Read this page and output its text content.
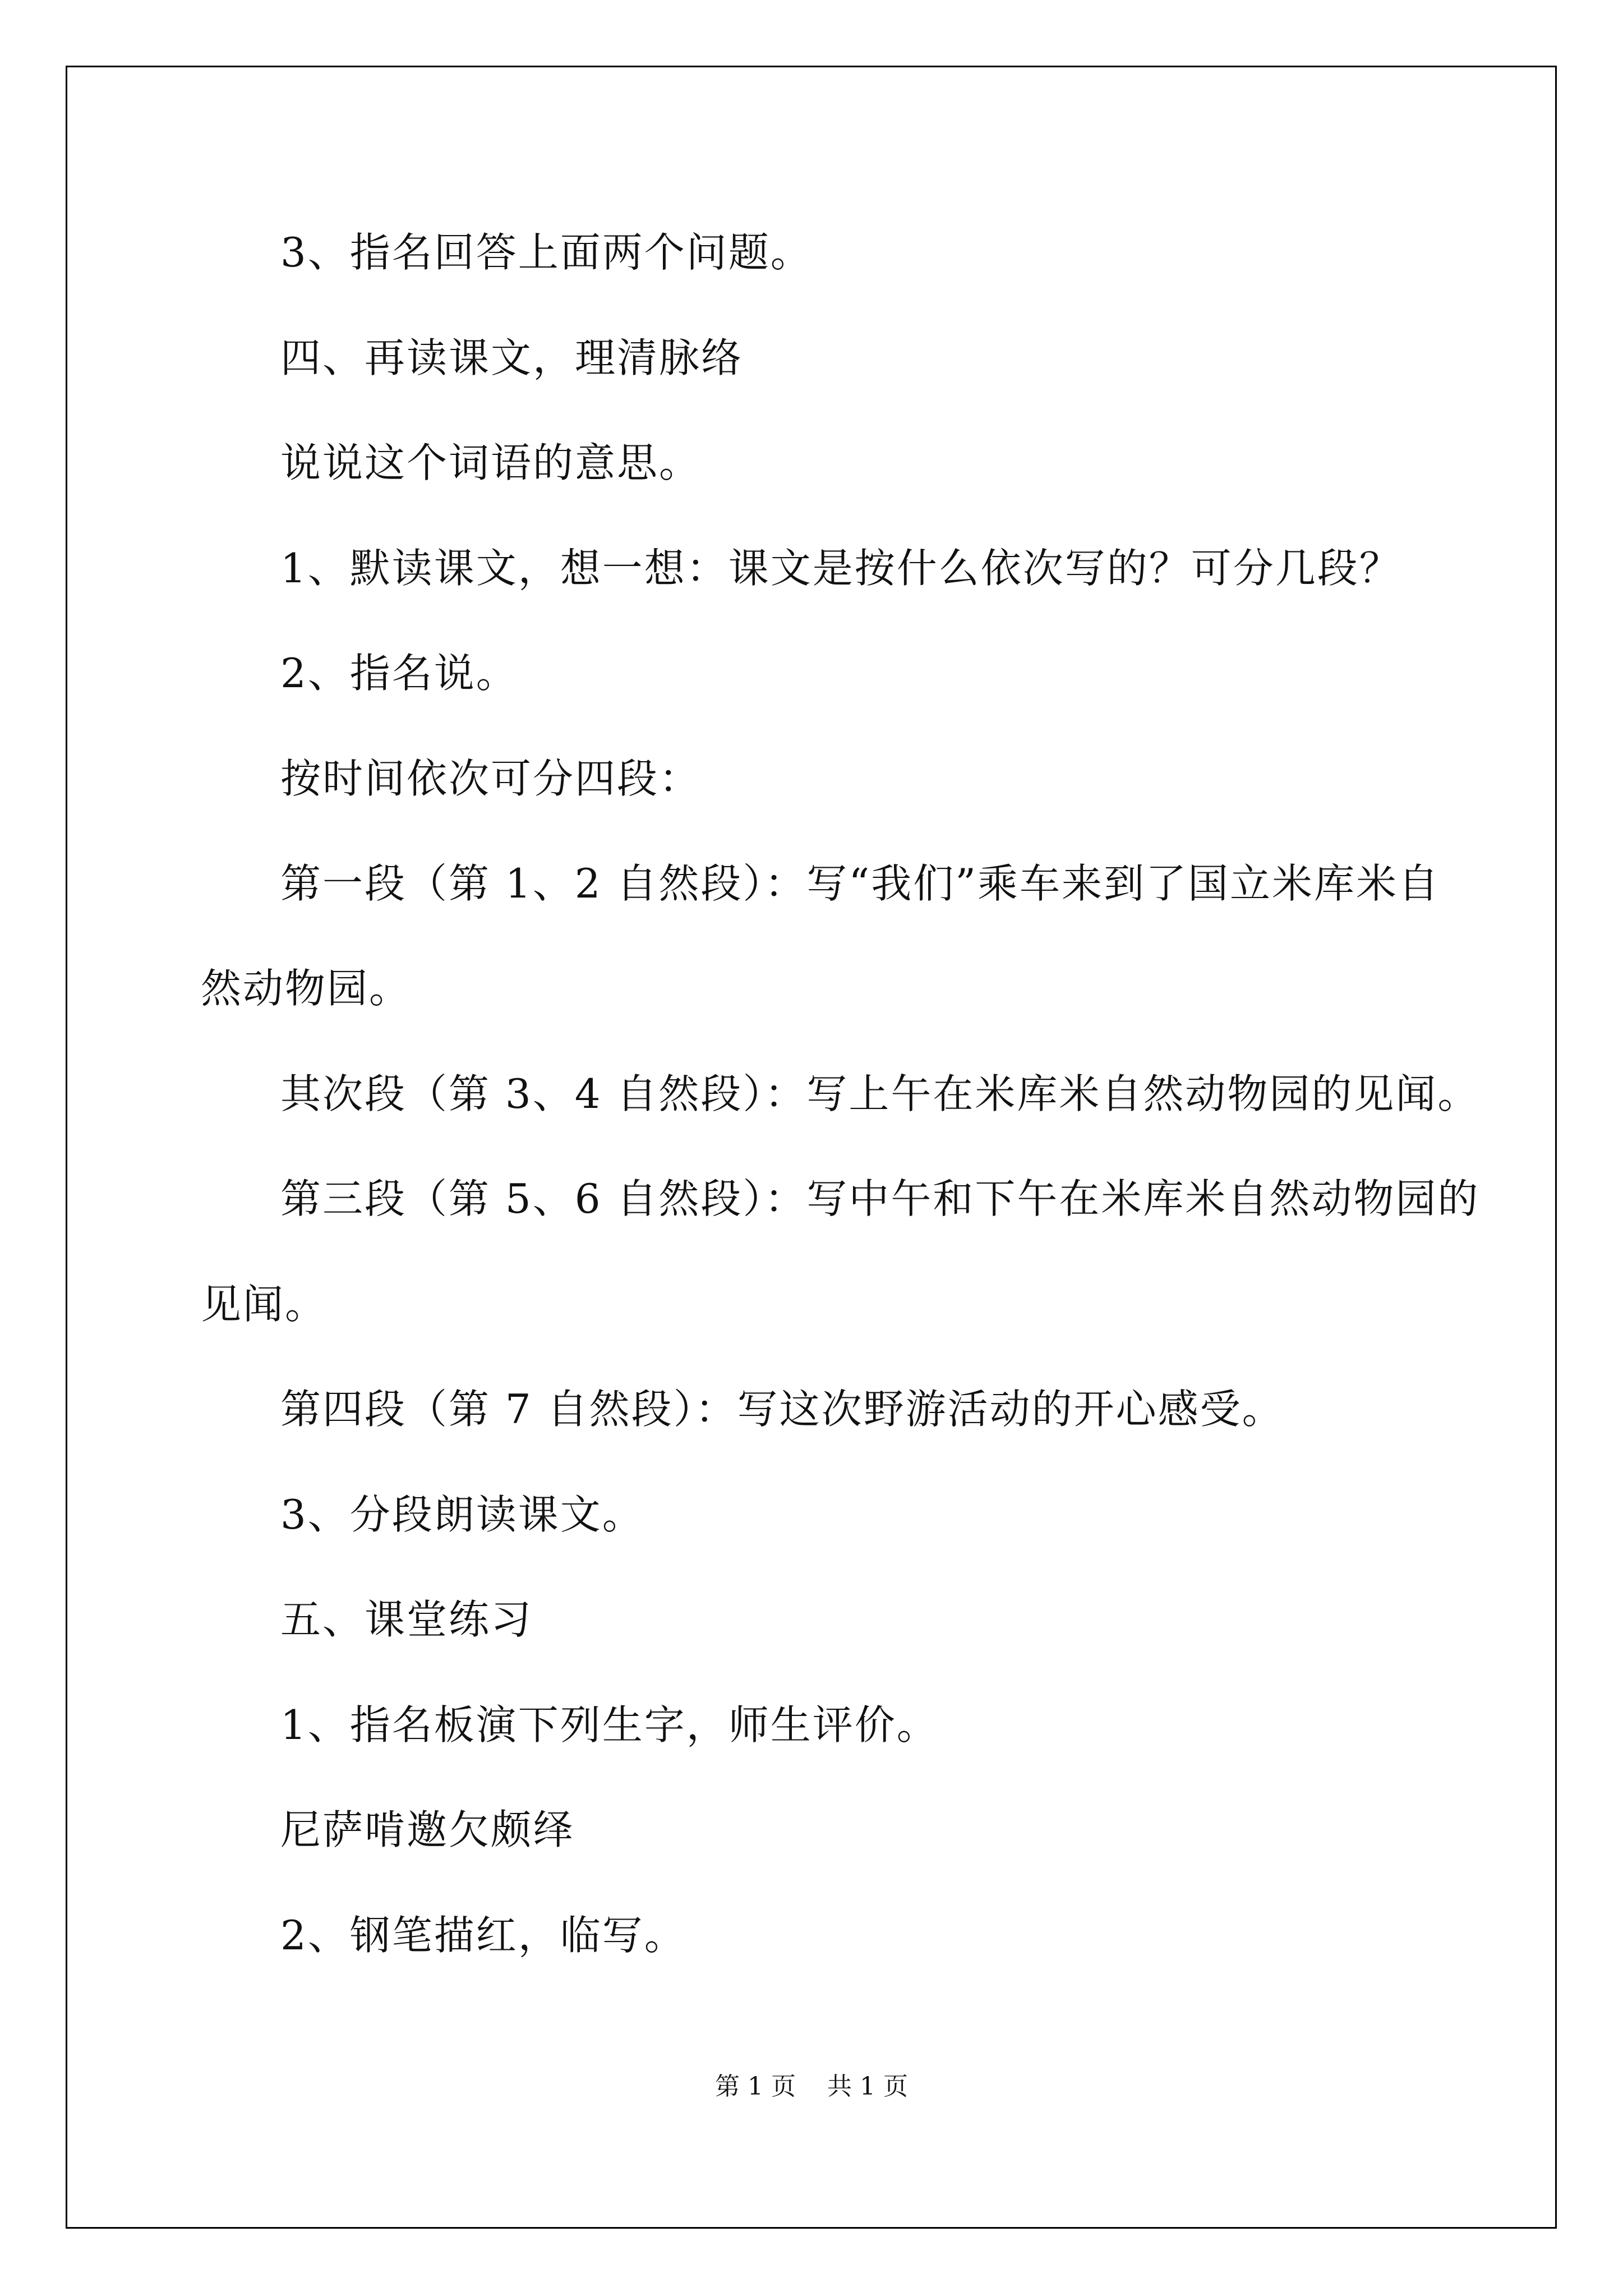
3、指名回答上面两个问题。
四、再读课文，理清脉络
说说这个词语的意思。
1、默读课文，想一想：课文是按什么依次写的？可分几段？
2、指名说。
按时间依次可分四段：
第一段（第 1、2 自然段）：写“我们”乘车来到了国立米库米自
然动物园。
其次段（第 3、4 自然段）：写上午在米库米自然动物园的见闻。
第三段（第 5、6 自然段）：写中午和下午在米库米自然动物园的
见闻。
第四段（第 7 自然段）：写这次野游活动的开心感受。
3、分段朗读课文。
五、课堂练习
1、指名板演下列生字，师生评价。
尼萨啃邀欠颇绎
2、钢笔描红，临写。
第 1 页 共 1 页
